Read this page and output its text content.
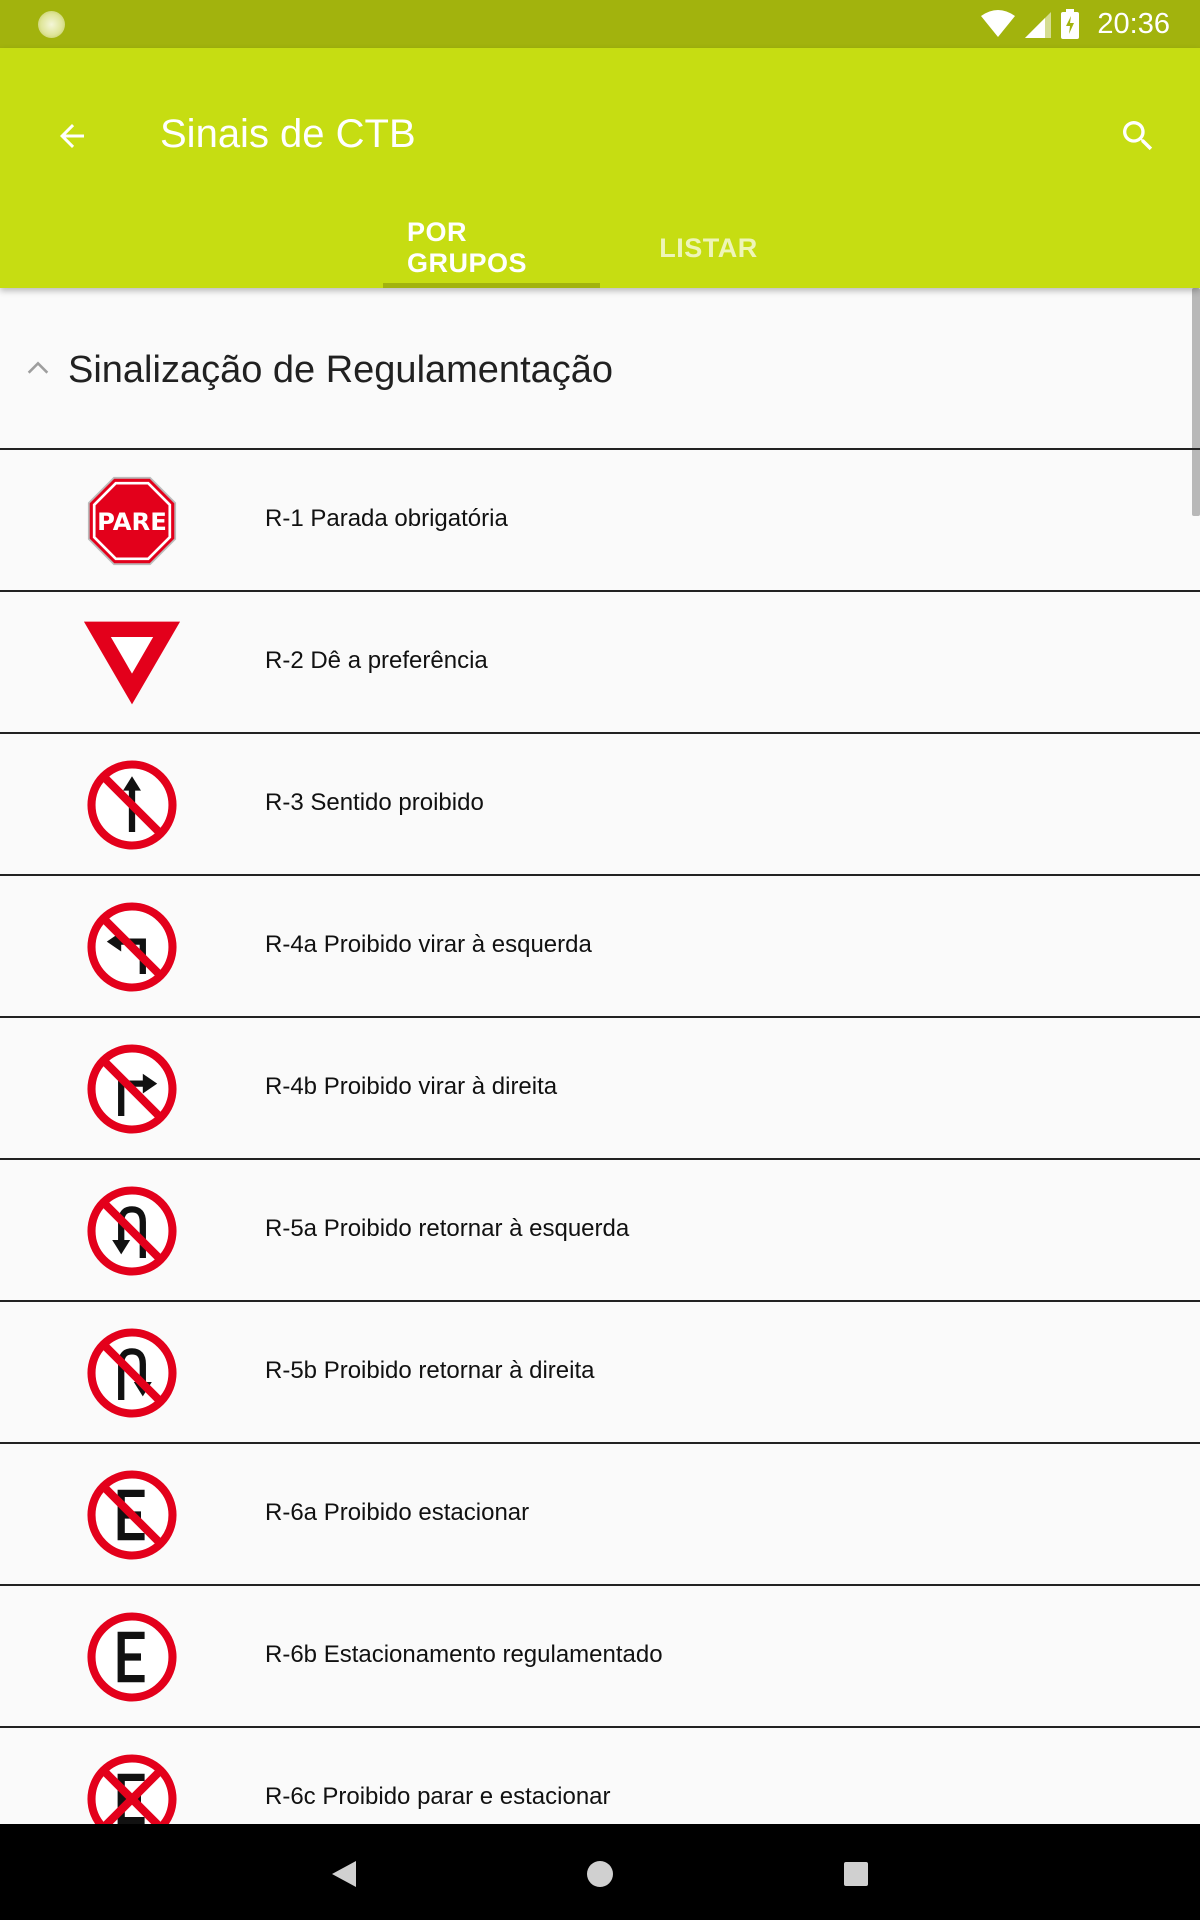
20:36
Sinais de CTB
POR GRUPOS
LISTAR
Sinalização de Regulamentação
PARE	R-1 Parada obrigatória
R-2 Dê a preferência
R-3 Sentido proibido
R-4a Proibido virar à esquerda
R-4b Proibido virar à direita
R-5a Proibido retornar à esquerda
R-5b Proibido retornar à direita
R-6a Proibido estacionar
R-6b Estacionamento regulamentado
R-6c Proibido parar e estacionar
